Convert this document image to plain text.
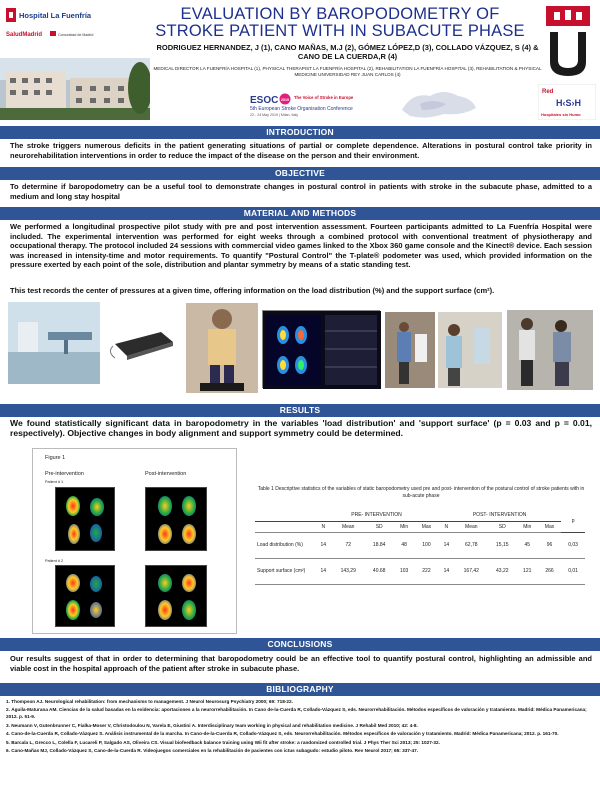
Hospital La Fuenfría
SaludMadrid	Comunidad de Madrid
EVALUATION BY BAROPODOMETRY OF STROKE PATIENT WITH IN SUBACUTE PHASE
RODRIGUEZ HERNANDEZ, J (1), CANO MAÑAS, M.J (2), GÓMEZ LÓPEZ,D (3), COLLADO VÁZQUEZ, S (4) & CANO DE LA CUERDA,R (4)
MEDICAL DIRECTOR LA FUENFRÍA HOSPITAL (1), PHYSICAL THERAPIST LA FUENFRÍA HOSPITAL (2), REHABILITATION LA FUENFRÍA HOSPITAL (3), REHABILITATION & PHYSICAL MEDICINE UNIVERSIDAD REY JUAN CARLOS (4)
ESOC 2019 The Voice of Stroke in Europe
5th European Stroke Organisation Conference
22 - 24 May 2019 | Milan, Italy
Red
H‹S›H
Hospitales sin Humo
INTRODUCTION
The stroke triggers numerous deficits in the patient generating situations of partial or complete dependence. Alterations in postural control take priority in neurorehabilitation interventions in order to reduce the impact of the disease on the person and their environment.
OBJECTIVE
To determine if baropodometry can be a useful tool to demonstrate changes in postural control in patients with stroke in the subacute phase, admitted to a medium and long stay hospital
MATERIAL AND METHODS
We performed a longitudinal prospective pilot study with pre and post intervention assessment. Fourteen participants admitted to La Fuenfría Hospital were included. The experimental intervention was performed for eight weeks through a combined protocol with conventional treatment of physiotherapy and occupational therapy. The protocol included 24 sessions with commercial video games linked to the Xbox 360 game console and the Kinect® device. Each session was increased in intensity-time and motor requirements. To quantify "Postural Control" the T-plate® podometer was used, which provided information on the pressure exerted by each point of the sole, distribution and plantar symmetry by means of a static standing test.
This test records the center of pressures at a given time, offering information on the load distribution (%) and the support surface (cm²).
RESULTS
We found statistically significant data in baropodometry in the variables 'load distribution' and 'support surface' (p = 0.03 and p = 0.01, respectively). Objective changes in body alignment and support symmetry could be determined.
Figure 1
Pre-intervention	Post-intervention
Patient # 1
Patient # 2
Table 1 Descriptive statistics of the variables of static baropodometry used pre and post- intervention of the postural control of stroke patients with in sub-acute phase
	PRE- INTERVENTION					POST- INTERVENTION					p
	N	Mean	SD	Min	Max	N	Mean	SD	Min	Max	
Load distribution (%)	14	72	18.84	48	100	14	62,78	15,15	45	96	0,03
Support surface (cm²)	14	143,29	40.68	103	222	14	167,42	43,22	121	266	0,01
CONCLUSIONS
Our results suggest of that in order to determining that baropodometry could be an effective tool to quantify postural control, highlighting an admissible and viable cost in the hospital approach of the patient after stroke in subacute phase.
BIBLIOGRAPHY
1. Thompson AJ. Neurological rehabilitation: from mechanisms to management. J Neurol Neurosurg Psychiatry 2000; 69: 718-22.
2. Águila-Maturana AM. Ciencias de la salud basadas en la evidencia: aportaciones a la neurorrehabilitación. In Cano de-la-Cuerda R, Collado-Vázquez S, eds. Neurorrehabilitación. Métodos específicos de valoración y tratamiento. Madrid: Médica Panamericana; 2012. p. 51-9.
3. Neumann V, Gutenbrunner C, Fialka-Moser V, Christodoulou N, Varela E, Giustini A. Interdisciplinary team working in physical and rehabilitation medicine. J Rehabil Med 2010; 42: 4-8.
4. Cano-de-la-Cuerda R, Collado-Vázquez S. Análisis instrumental de la marcha. In Cano-de-la-Cuerda R, Collado-Vázquez S, eds. Neurorrehabilitación. Métodos específicos de valoración y tratamiento. Madrid: Médica Panamericana; 2012. p. 161-70.
5. Barcala L, Grecco L, Colella F, Lucareli P, Salgado AS, Oliveira CS. Visual biofeedback balance training using Wii fit after stroke: a randomized controlled trial. J Phys Ther Sci 2013; 25: 1027-32.
6. Cano-Mañas MJ, Collado-Vázquez S, Cano-de-la-Cuerda R. Videojuegos comerciales en la rehabilitación de pacientes con ictus subagudo: estudio piloto. Rev Neurol 2017; 65: 337-47.
